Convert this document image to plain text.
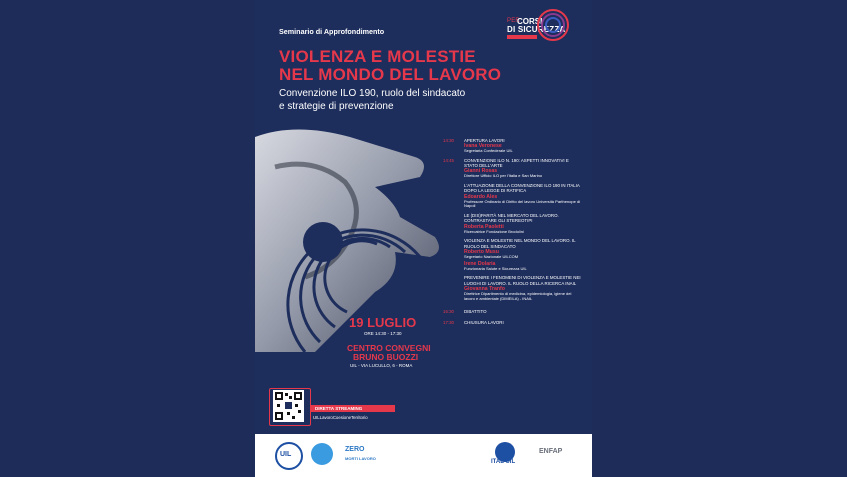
Seminario di Approfondimento
PER
CORSI
DI SICUREZZA
VIOLENZA E MOLESTIE
NEL MONDO DEL LAVORO
Convenzione ILO 190, ruolo del sindacato
e strategie di prevenzione
19 LUGLIO
ORE 14:30 - 17:30
CENTRO CONVEGNI
BRUNO BUOZZI
UIL - VIA LUCULLO, 6 - ROMA
DIRETTA STREAMING
UILLavoroCoesioneTerritorio
14:30 APERTURA LAVORI
Ivana Veronese
Segretaria Confederale UIL
14:45 CONVENZIONE ILO N. 190: ASPETTI INNOVATIVI E STATO DELL'ARTE
Gianni Rosas
Direttore Ufficio ILO per l'Italia e San Marino
L'ATTUAZIONE DELLA CONVENZIONE ILO 190 IN ITALIA DOPO LA LEGGE DI RATIFICA
Edoardo Ales
Professore Ordinario di Diritto del lavoro Università Parthenope di Napoli
LE (DIS)PARITÀ NEL MERCATO DEL LAVORO. CONTRASTARE GLI STEREOTIPI
Roberta Paoletti
Ricercatrice Fondazione Brodolini
VIOLENZA E MOLESTIE NEL MONDO DEL LAVORO. IL RUOLO DEL SINDACATO
Roberto Musu
Segretario Nazionale UILCOM
Irene Dolaria
Funzionaria Salute e Sicurezza UIL
PREVENIRE I FENOMENI DI VIOLENZA E MOLESTIE NEI LUOGHI DI LAVORO. IL RUOLO DELLA RICERCA INAIL
Giovanna Tranfo
Direttrice Dipartimento di medicina, epidemiologia, igiene del lavoro e ambientale (DIMEILA) - INAIL
16:30 DIBATTITO
17:30 CHIUSURA LAVORI
UIL
ZERO
MORTI LAVORO
ITAL UIL
ENFAP
